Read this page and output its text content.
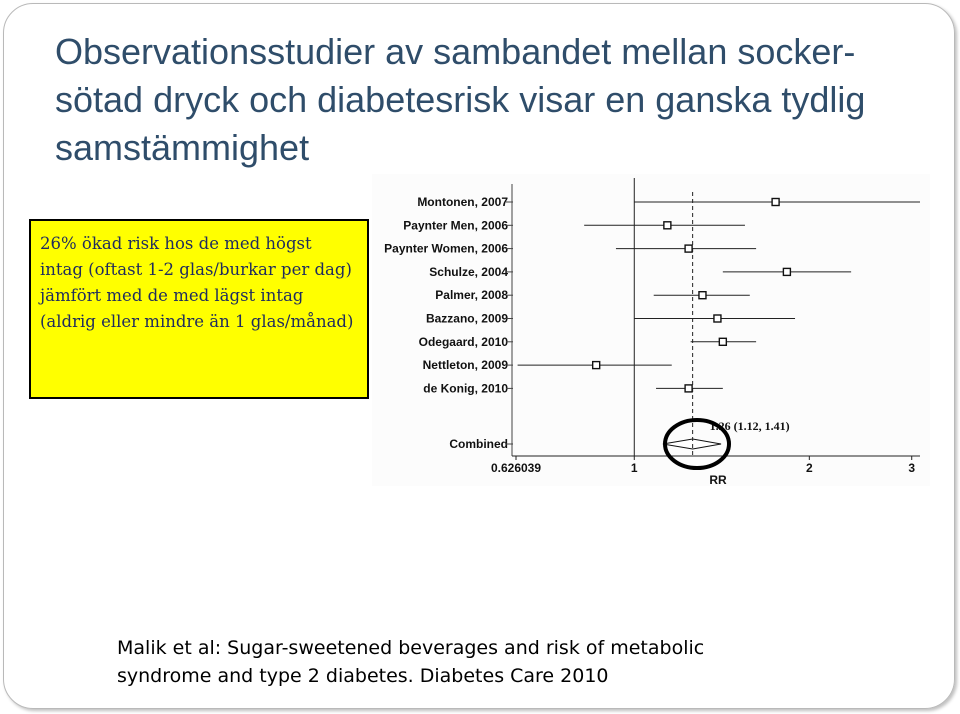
Observationsstudier av sambandet mellan socker-sötad dryck och diabetesrisk visar en ganska tydlig samstämmighet
26% ökad risk hos de med högst intag (oftast 1-2 glas/burkar per dag) jämfört med de med lägst intag (aldrig eller mindre än 1 glas/månad)
Montonen, 2007
Paynter Men, 2006
Paynter Women, 2006
Schulze, 2004
Palmer, 2008
Bazzano, 2009
Odegaard, 2010
Nettleton, 2009
de Konig, 2010
Combined
1.26 (1.12, 1.41)
0.626039	1	2	3
RR
Malik et al: Sugar-sweetened beverages and risk of metabolic
syndrome and type 2 diabetes. Diabetes Care 2010
